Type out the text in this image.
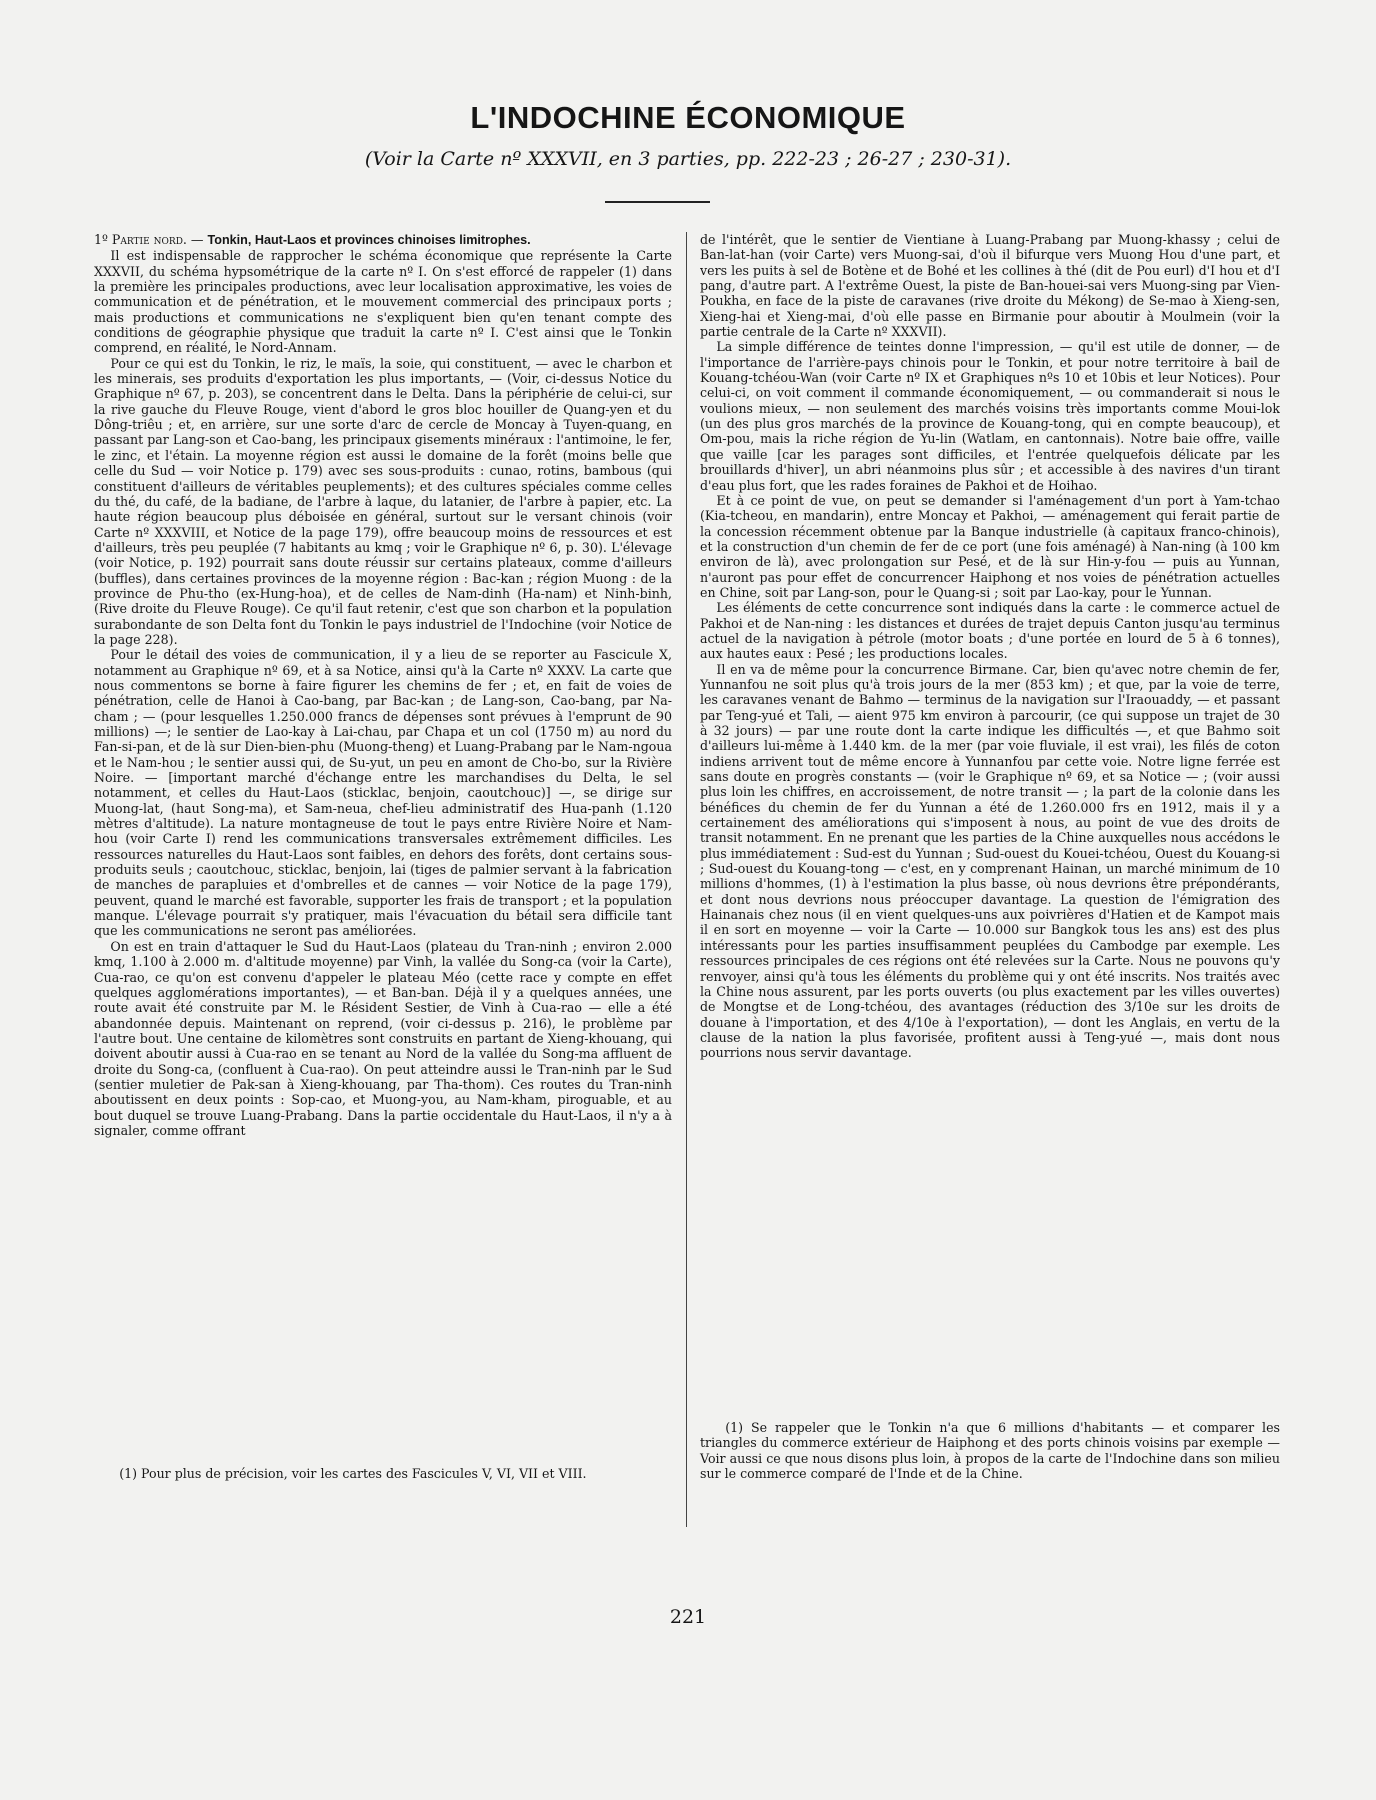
L'INDOCHINE ÉCONOMIQUE

(Voir la Carte nº XXXVII, en 3 parties, pp. 222-23 ; 26-27 ; 230-31).

1º Partie nord. — Tonkin, Haut-Laos et provinces chinoises limitrophes.

Il est indispensable de rapprocher le schéma économique que représente la Carte XXXVII, du schéma hypsométrique de la carte nº I. On s'est efforcé de rappeler (1) dans la première les principales productions, avec leur localisation approximative, les voies de communication et de pénétration, et le mouvement commercial des principaux ports ; mais productions et communications ne s'expliquent bien qu'en tenant compte des conditions de géographie physique que traduit la carte nº I. C'est ainsi que le Tonkin comprend, en réalité, le Nord-Annam.

Pour ce qui est du Tonkin, le riz, le maïs, la soie, qui constituent, — avec le charbon et les minerais, ses produits d'exportation les plus importants, — (Voir, ci-dessus Notice du Graphique nº 67, p. 203), se concentrent dans le Delta. Dans la périphérie de celui-ci, sur la rive gauche du Fleuve Rouge, vient d'abord le gros bloc houiller de Quang-yen et du Dông-triêu ; et, en arrière, sur une sorte d'arc de cercle de Moncay à Tuyen-quang, en passant par Lang-son et Cao-bang, les principaux gisements minéraux : l'antimoine, le fer, le zinc, et l'étain. La moyenne région est aussi le domaine de la forêt (moins belle que celle du Sud — voir Notice p. 179) avec ses sous-produits : cunao, rotins, bambous (qui constituent d'ailleurs de véritables peuplements); et des cultures spéciales comme celles du thé, du café, de la badiane, de l'arbre à laque, du latanier, de l'arbre à papier, etc. La haute région beaucoup plus déboisée en général, surtout sur le versant chinois (voir Carte nº XXXVIII, et Notice de la page 179), offre beaucoup moins de ressources et est d'ailleurs, très peu peuplée (7 habitants au kmq ; voir le Graphique nº 6, p. 30). L'élevage (voir Notice, p. 192) pourrait sans doute réussir sur certains plateaux, comme d'ailleurs (buffles), dans certaines provinces de la moyenne région : Bac-kan ; région Muong : de la province de Phu-tho (ex-Hung-hoa), et de celles de Nam-dinh (Ha-nam) et Ninh-binh, (Rive droite du Fleuve Rouge). Ce qu'il faut retenir, c'est que son charbon et la population surabondante de son Delta font du Tonkin le pays industriel de l'Indochine (voir Notice de la page 228).

Pour le détail des voies de communication, il y a lieu de se reporter au Fascicule X, notamment au Graphique nº 69, et à sa Notice, ainsi qu'à la Carte nº XXXV. La carte que nous commentons se borne à faire figurer les chemins de fer ; et, en fait de voies de pénétration, celle de Hanoi à Cao-bang, par Bac-kan ; de Lang-son, Cao-bang, par Na-cham ; — (pour lesquelles 1.250.000 francs de dépenses sont prévues à l'emprunt de 90 millions) —; le sentier de Lao-kay à Lai-chau, par Chapa et un col (1750 m) au nord du Fan-si-pan, et de là sur Dien-bien-phu (Muong-theng) et Luang-Prabang par le Nam-ngoua et le Nam-hou ; le sentier aussi qui, de Su-yut, un peu en amont de Cho-bo, sur la Rivière Noire. — [important marché d'échange entre les marchandises du Delta, le sel notamment, et celles du Haut-Laos (sticklac, benjoin, caoutchouc)] —, se dirige sur Muong-lat, (haut Song-ma), et Sam-neua, chef-lieu administratif des Hua-panh (1.120 mètres d'altitude). La nature montagneuse de tout le pays entre Rivière Noire et Nam-hou (voir Carte I) rend les communications transversales extrêmement difficiles. Les ressources naturelles du Haut-Laos sont faibles, en dehors des forêts, dont certains sous-produits seuls ; caoutchouc, sticklac, benjoin, lai (tiges de palmier servant à la fabrication de manches de parapluies et d'ombrelles et de cannes — voir Notice de la page 179), peuvent, quand le marché est favorable, supporter les frais de transport ; et la population manque. L'élevage pourrait s'y pratiquer, mais l'évacuation du bétail sera difficile tant que les communications ne seront pas améliorées.

On est en train d'attaquer le Sud du Haut-Laos (plateau du Tran-ninh ; environ 2.000 kmq, 1.100 à 2.000 m. d'altitude moyenne) par Vinh, la vallée du Song-ca (voir la Carte), Cua-rao, ce qu'on est convenu d'appeler le plateau Méo (cette race y compte en effet quelques agglomérations importantes), — et Ban-ban. Déjà il y a quelques années, une route avait été construite par M. le Résident Sestier, de Vinh à Cua-rao — elle a été abandonnée depuis. Maintenant on reprend, (voir ci-dessus p. 216), le problème par l'autre bout. Une centaine de kilomètres sont construits en partant de Xieng-khouang, qui doivent aboutir aussi à Cua-rao en se tenant au Nord de la vallée du Song-ma affluent de droite du Song-ca, (confluent à Cua-rao). On peut atteindre aussi le Tran-ninh par le Sud (sentier muletier de Pak-san à Xieng-khouang, par Tha-thom). Ces routes du Tran-ninh aboutissent en deux points : Sop-cao, et Muong-you, au Nam-kham, piroguable, et au bout duquel se trouve Luang-Prabang. Dans la partie occidentale du Haut-Laos, il n'y a à signaler, comme offrant

de l'intérêt, que le sentier de Vientiane à Luang-Prabang par Muong-khassy ; celui de Ban-lat-han (voir Carte) vers Muong-sai, d'où il bifurque vers Muong Hou d'une part, et vers les puits à sel de Botène et de Bohé et les collines à thé (dit de Pou eurl) d'I hou et d'I pang, d'autre part. A l'extrême Ouest, la piste de Ban-houei-sai vers Muong-sing par Vien-Poukha, en face de la piste de caravanes (rive droite du Mékong) de Se-mao à Xieng-sen, Xieng-hai et Xieng-mai, d'où elle passe en Birmanie pour aboutir à Moulmein (voir la partie centrale de la Carte nº XXXVII).

La simple différence de teintes donne l'impression, — qu'il est utile de donner, — de l'importance de l'arrière-pays chinois pour le Tonkin, et pour notre territoire à bail de Kouang-tchéou-Wan (voir Carte nº IX et Graphiques nºs 10 et 10bis et leur Notices). Pour celui-ci, on voit comment il commande économiquement, — ou commanderait si nous le voulions mieux, — non seulement des marchés voisins très importants comme Moui-lok (un des plus gros marchés de la province de Kouang-tong, qui en compte beaucoup), et Om-pou, mais la riche région de Yu-lin (Watlam, en cantonnais). Notre baie offre, vaille que vaille [car les parages sont difficiles, et l'entrée quelquefois délicate par les brouillards d'hiver], un abri néanmoins plus sûr ; et accessible à des navires d'un tirant d'eau plus fort, que les rades foraines de Pakhoi et de Hoihao.

Et à ce point de vue, on peut se demander si l'aménagement d'un port à Yam-tchao (Kia-tcheou, en mandarin), entre Moncay et Pakhoi, — aménagement qui ferait partie de la concession récemment obtenue par la Banque industrielle (à capitaux franco-chinois), et la construction d'un chemin de fer de ce port (une fois aménagé) à Nan-ning (à 100 km environ de là), avec prolongation sur Pesé, et de là sur Hin-y-fou — puis au Yunnan, n'auront pas pour effet de concurrencer Haiphong et nos voies de pénétration actuelles en Chine, soit par Lang-son, pour le Quang-si ; soit par Lao-kay, pour le Yunnan.

Les éléments de cette concurrence sont indiqués dans la carte : le commerce actuel de Pakhoi et de Nan-ning : les distances et durées de trajet depuis Canton jusqu'au terminus actuel de la navigation à pétrole (motor boats ; d'une portée en lourd de 5 à 6 tonnes), aux hautes eaux : Pesé ; les productions locales.

Il en va de même pour la concurrence Birmane. Car, bien qu'avec notre chemin de fer, Yunnanfou ne soit plus qu'à trois jours de la mer (853 km) ; et que, par la voie de terre, les caravanes venant de Bahmo — terminus de la navigation sur l'Iraouaddy, — et passant par Teng-yué et Tali, — aient 975 km environ à parcourir, (ce qui suppose un trajet de 30 à 32 jours) — par une route dont la carte indique les difficultés —, et que Bahmo soit d'ailleurs lui-même à 1.440 km. de la mer (par voie fluviale, il est vrai), les filés de coton indiens arrivent tout de même encore à Yunnanfou par cette voie. Notre ligne ferrée est sans doute en progrès constants — (voir le Graphique nº 69, et sa Notice — ; (voir aussi plus loin les chiffres, en accroissement, de notre transit — ; la part de la colonie dans les bénéfices du chemin de fer du Yunnan a été de 1.260.000 frs en 1912, mais il y a certainement des améliorations qui s'imposent à nous, au point de vue des droits de transit notamment. En ne prenant que les parties de la Chine auxquelles nous accédons le plus immédiatement : Sud-est du Yunnan ; Sud-ouest du Kouei-tchéou, Ouest du Kouang-si ; Sud-ouest du Kouang-tong — c'est, en y comprenant Hainan, un marché minimum de 10 millions d'hommes, (1) à l'estimation la plus basse, où nous devrions être prépondérants, et dont nous devrions nous préoccuper davantage. La question de l'émigration des Hainanais chez nous (il en vient quelques-uns aux poivrières d'Hatien et de Kampot mais il en sort en moyenne — voir la Carte — 10.000 sur Bangkok tous les ans) est des plus intéressants pour les parties insuffisamment peuplées du Cambodge par exemple. Les ressources principales de ces régions ont été relevées sur la Carte. Nous ne pouvons qu'y renvoyer, ainsi qu'à tous les éléments du problème qui y ont été inscrits. Nos traités avec la Chine nous assurent, par les ports ouverts (ou plus exactement par les villes ouvertes) de Mongtse et de Long-tchéou, des avantages (réduction des 3/10e sur les droits de douane à l'importation, et des 4/10e à l'exportation), — dont les Anglais, en vertu de la clause de la nation la plus favorisée, profitent aussi à Teng-yué —, mais dont nous pourrions nous servir davantage.

(1) Pour plus de précision, voir les cartes des Fascicules V, VI, VII et VIII.

(1) Se rappeler que le Tonkin n'a que 6 millions d'habitants — et comparer les triangles du commerce extérieur de Haiphong et des ports chinois voisins par exemple — Voir aussi ce que nous disons plus loin, à propos de la carte de l'Indochine dans son milieu sur le commerce comparé de l'Inde et de la Chine.

221
